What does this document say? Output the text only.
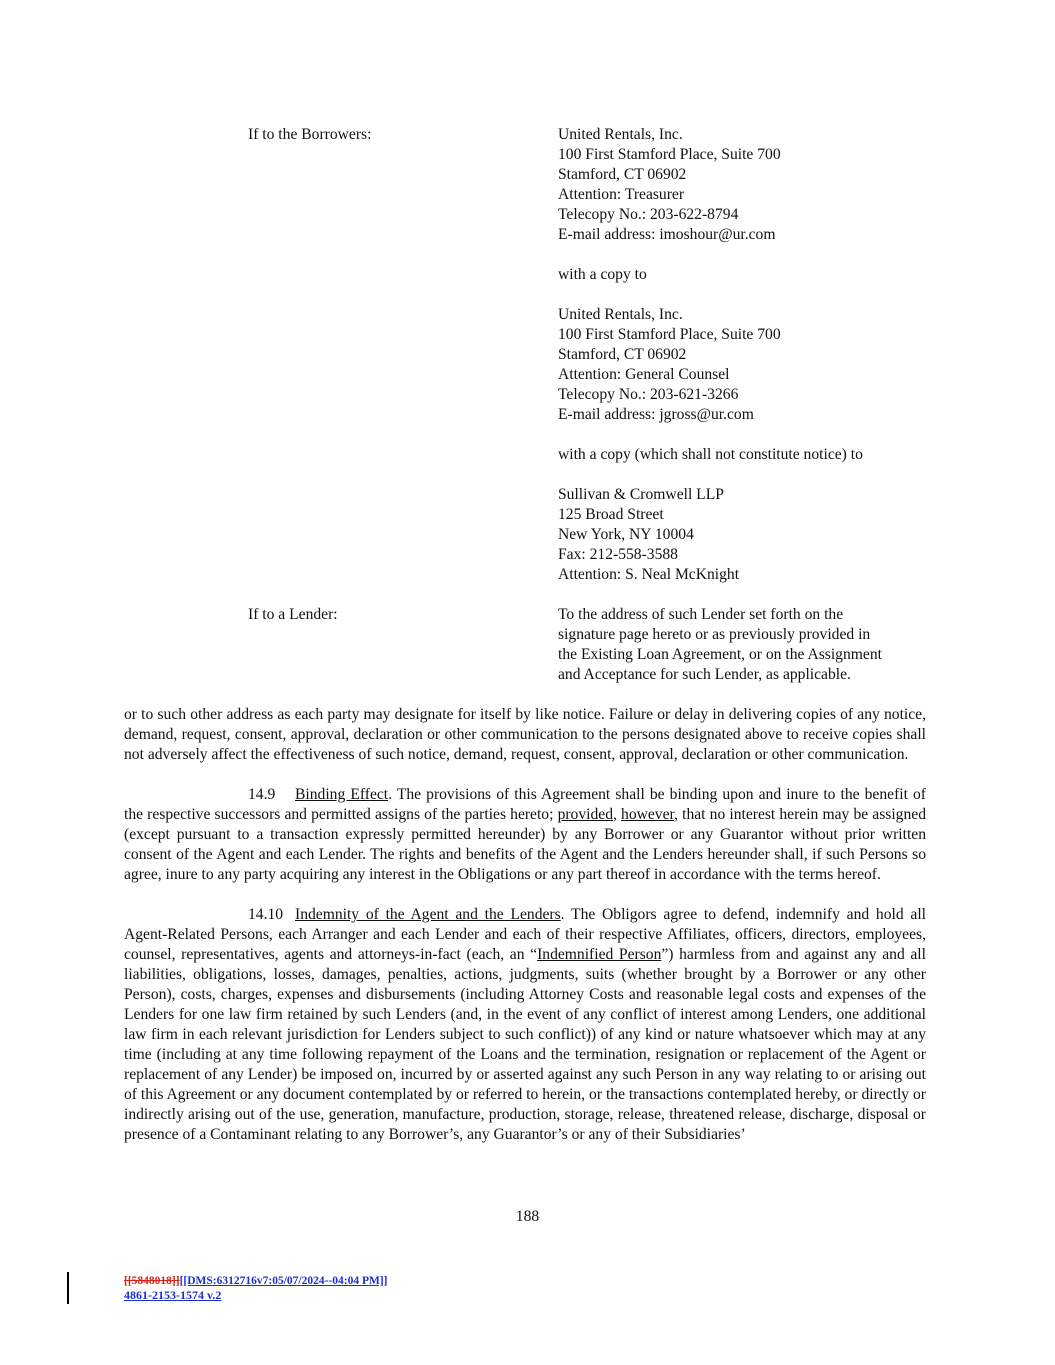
If to the Borrowers:	United Rentals, Inc.
100 First Stamford Place, Suite 700
Stamford, CT 06902
Attention: Treasurer
Telecopy No.: 203-622-8794
E-mail address: imoshour@ur.com
with a copy to
United Rentals, Inc.
100 First Stamford Place, Suite 700
Stamford, CT 06902
Attention: General Counsel
Telecopy No.: 203-621-3266
E-mail address: jgross@ur.com
with a copy (which shall not constitute notice) to
Sullivan & Cromwell LLP
125 Broad Street
New York, NY 10004
Fax: 212-558-3588
Attention: S. Neal McKnight
If to a Lender:	To the address of such Lender set forth on the
signature page hereto or as previously provided in
the Existing Loan Agreement, or on the Assignment
and Acceptance for such Lender, as applicable.

or to such other address as each party may designate for itself by like notice. Failure or delay in delivering copies of any notice, demand, request, consent, approval, declaration or other communication to the persons designated above to receive copies shall not adversely affect the effectiveness of such notice, demand, request, consent, approval, declaration or other communication.

14.9 Binding Effect. The provisions of this Agreement shall be binding upon and inure to the benefit of the respective successors and permitted assigns of the parties hereto; provided, however, that no interest herein may be assigned (except pursuant to a transaction expressly permitted hereunder) by any Borrower or any Guarantor without prior written consent of the Agent and each Lender. The rights and benefits of the Agent and the Lenders hereunder shall, if such Persons so agree, inure to any party acquiring any interest in the Obligations or any part thereof in accordance with the terms hereof.

14.10 Indemnity of the Agent and the Lenders. The Obligors agree to defend, indemnify and hold all Agent-Related Persons, each Arranger and each Lender and each of their respective Affiliates, officers, directors, employees, counsel, representatives, agents and attorneys-in-fact (each, an “Indemnified Person”) harmless from and against any and all liabilities, obligations, losses, damages, penalties, actions, judgments, suits (whether brought by a Borrower or any other Person), costs, charges, expenses and disbursements (including Attorney Costs and reasonable legal costs and expenses of the Lenders for one law firm retained by such Lenders (and, in the event of any conflict of interest among Lenders, one additional law firm in each relevant jurisdiction for Lenders subject to such conflict)) of any kind or nature whatsoever which may at any time (including at any time following repayment of the Loans and the termination, resignation or replacement of the Agent or replacement of any Lender) be imposed on, incurred by or asserted against any such Person in any way relating to or arising out of this Agreement or any document contemplated by or referred to herein, or the transactions contemplated hereby, or directly or indirectly arising out of the use, generation, manufacture, production, storage, release, threatened release, discharge, disposal or presence of a Contaminant relating to any Borrower’s, any Guarantor’s or any of their Subsidiaries’

188
[[5848018]][[DMS:6312716v7:05/07/2024--04:04 PM]]
4861-2153-1574 v.2
